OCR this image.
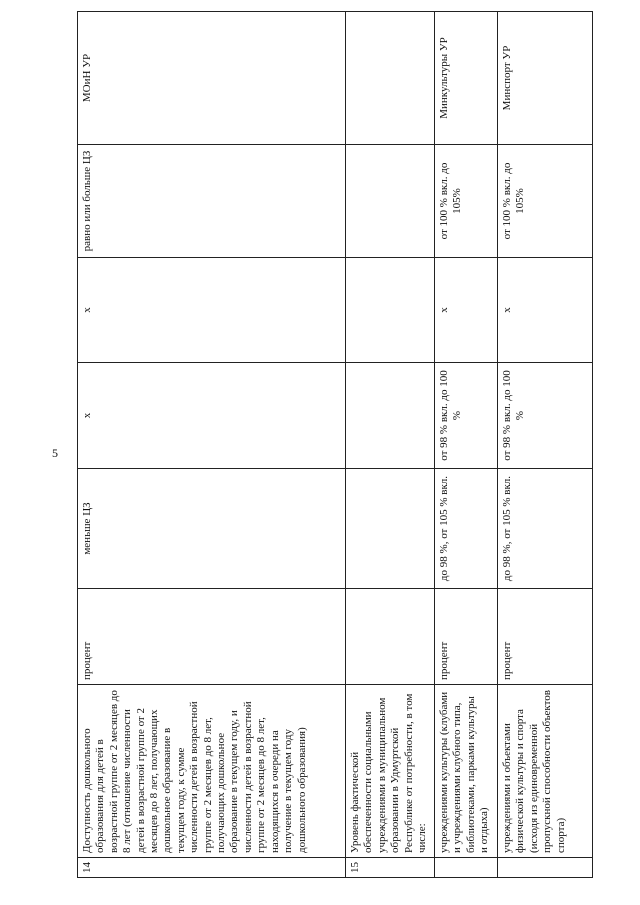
5
14	Доступность дошкольного образования для детей в возрастной группе от 2 месяцев до 8 лет (отношение численности детей в возрастной группе от 2 месяцев до 8 лет, получающих дошкольное образование в текущем году, к сумме численности детей в возрастной группе от 2 месяцев до 8 лет, получающих дошкольное образование в текущем году, и численности детей в возрастной группе от 2 месяцев до 8 лет, находящихся в очереди на получение в текущем году дошкольного образования)	процент	меньше ЦЗ	х	х	равно или больше ЦЗ	МОиН УР
15	Уровень фактической обеспеченности социальными учреждениями в муниципальном образовании в Удмуртской Республике от потребности, в том числе:						
	учреждениями культуры (клубами и учреждениями клубного типа, библиотеками, парками культуры и отдыха)	процент	до 98 %, от 105 % вкл.	от 98 % вкл. до 100 %	х	от 100 % вкл. до 105%	Минкультуры УР
	учреждениями и объектами физической культуры и спорта (исходя из единовременной пропускной способности объектов спорта)	процент	до 98 %, от 105 % вкл.	от 98 % вкл. до 100 %	х	от 100 % вкл. до 105%	Минспорт УР
